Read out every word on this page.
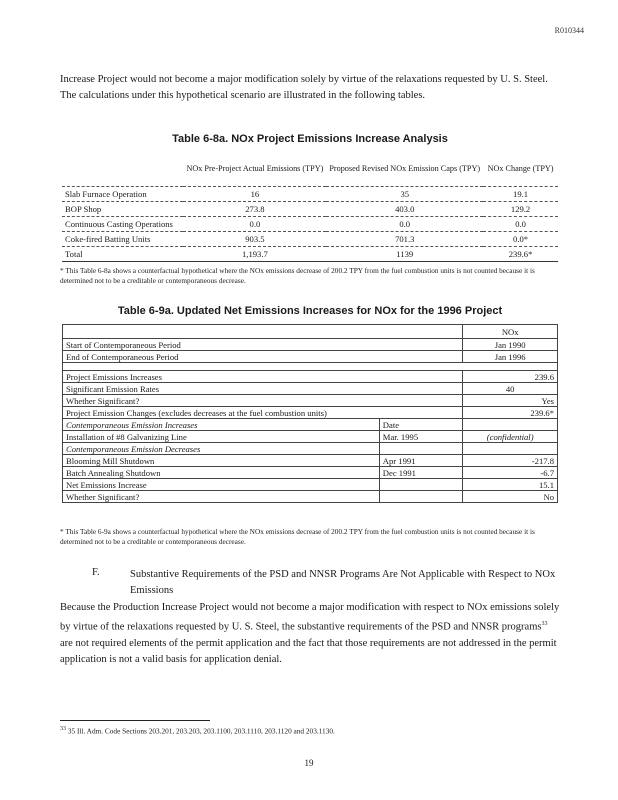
R010344
Increase Project would not become a major modification solely by virtue of the relaxations requested by U. S. Steel. The calculations under this hypothetical scenario are illustrated in the following tables.
Table 6-8a. NOx Project Emissions Increase Analysis
	NOx Pre-Project Actual Emissions (TPY)	Proposed Revised NOx Emission Caps (TPY)	NOx Change (TPY)
Slab Furnace Operation	16	35	19.1
BOP Shop	273.8	403.0	129.2
Continuous Casting Operations	0.0	0.0	0.0
Coke-fired Batting Units	903.5	701.3	0.0*
Total	1,193.7	1139	239.6*
* This Table 6-8a shows a counterfactual hypothetical where the NOx emissions decrease of 200.2 TPY from the fuel combustion units is not counted because it is determined not to be a creditable or contemporaneous decrease.
Table 6-9a. Updated Net Emissions Increases for NOx for the 1996 Project
		NOx
Start of Contemporaneous Period		Jan 1990
End of Contemporaneous Period		Jan 1996

Project Emissions Increases		239.6
Significant Emission Rates		40
Whether Significant?		Yes
Project Emission Changes (excludes decreases at the fuel combustion units)		239.6*
Contemporaneous Emission Increases	Date	
Installation of #8 Galvanizing Line	Mar. 1995	(confidential)
Contemporaneous Emission Decreases		
Blooming Mill Shutdown	Apr 1991	-217.8
Batch Annealing Shutdown	Dec 1991	-6.7
Net Emissions Increase		15.1
Whether Significant?		No
* This Table 6-9a shows a counterfactual hypothetical where the NOx emissions decrease of 200.2 TPY from the fuel combustion units is not counted because it is determined not to be a creditable or contemporaneous decrease.
F.	Substantive Requirements of the PSD and NNSR Programs Are Not Applicable with Respect to NOx Emissions
Because the Production Increase Project would not become a major modification with respect to NOx emissions solely by virtue of the relaxations requested by U. S. Steel, the substantive requirements of the PSD and NNSR programs$^{33}$ are not required elements of the permit application and the fact that those requirements are not addressed in the permit application is not a valid basis for application denial.
$^{33}$ 35 Ill. Adm. Code Sections 203.201, 203.203, 203.1100, 203.1110, 203.1120 and 203.1130.
19
